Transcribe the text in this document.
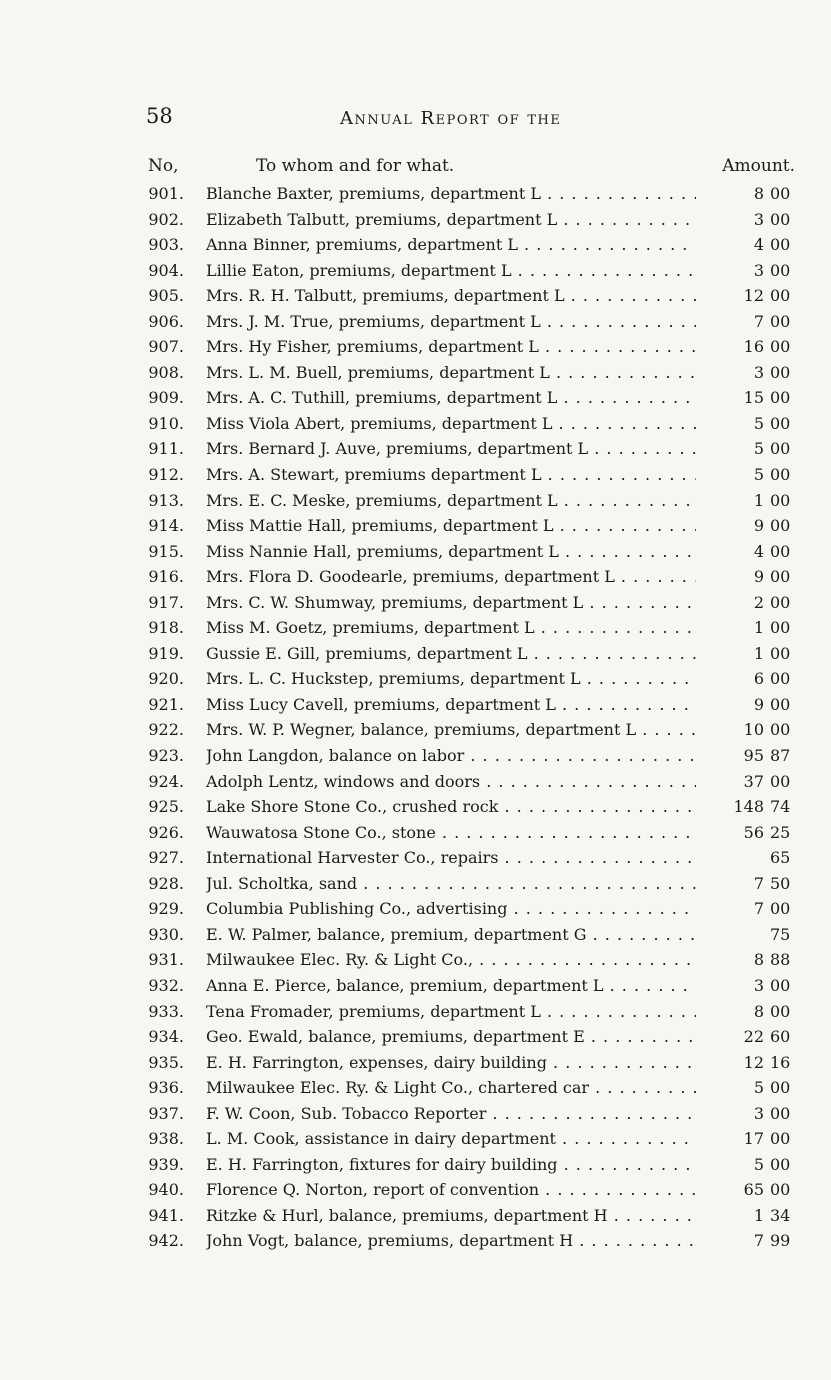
58	Annual Report of the
No,	To whom and for what.	Amount.
901. Blanche Baxter, premiums, department L . . .	8 00
902. Elizabeth Talbutt, premiums, department L . . .	3 00
903. Anna Binner, premiums, department L . . .	4 00
904. Lillie Eaton, premiums, department L . . .	3 00
905. Mrs. R. H. Talbutt, premiums, department L . . .	12 00
906. Mrs. J. M. True, premiums, department L . . .	7 00
907. Mrs. Hy Fisher, premiums, department L . . .	16 00
908. Mrs. L. M. Buell, premiums, department L . . .	3 00
909. Mrs. A. C. Tuthill, premiums, department L . . .	15 00
910. Miss Viola Abert, premiums, department L . . .	5 00
911. Mrs. Bernard J. Auve, premiums, department L . . .	5 00
912. Mrs. A. Stewart, premiums department L . . .	5 00
913. Mrs. E. C. Meske, premiums, department L . . .	1 00
914. Miss Mattie Hall, premiums, department L . . .	9 00
915. Miss Nannie Hall, premiums, department L . . .	4 00
916. Mrs. Flora D. Goodearle, premiums, department L . . .	9 00
917. Mrs. C. W. Shumway, premiums, department L . . .	2 00
918. Miss M. Goetz, premiums, department L . . .	1 00
919. Gussie E. Gill, premiums, department L . . .	1 00
920. Mrs. L. C. Huckstep, premiums, department L . . .	6 00
921. Miss Lucy Cavell, premiums, department L . . .	9 00
922. Mrs. W. P. Wegner, balance, premiums, department L . . .	10 00
923. John Langdon, balance on labor . . .	95 87
924. Adolph Lentz, windows and doors . . .	37 00
925. Lake Shore Stone Co., crushed rock . . .	148 74
926. Wauwatosa Stone Co., stone . . .	56 25
927. International Harvester Co., repairs . . .	65
928. Jul. Scholtka, sand . . .	7 50
929. Columbia Publishing Co., advertising . . .	7 00
930. E. W. Palmer, balance, premium, department G . . .	75
931. Milwaukee Elec. Ry. & Light Co., . . .	8 88
932. Anna E. Pierce, balance, premium, department L . . .	3 00
933. Tena Fromader, premiums, department L . . .	8 00
934. Geo. Ewald, balance, premiums, department E . . .	22 60
935. E. H. Farrington, expenses, dairy building . . .	12 16
936. Milwaukee Elec. Ry. & Light Co., chartered car . . .	5 00
937. F. W. Coon, Sub. Tobacco Reporter . . .	3 00
938. L. M. Cook, assistance in dairy department . . .	17 00
939. E. H. Farrington, fixtures for dairy building . . .	5 00
940. Florence Q. Norton, report of convention . . .	65 00
941. Ritzke & Hurl, balance, premiums, department H . . .	1 34
942. John Vogt, balance, premiums, department H . . .	7 99
